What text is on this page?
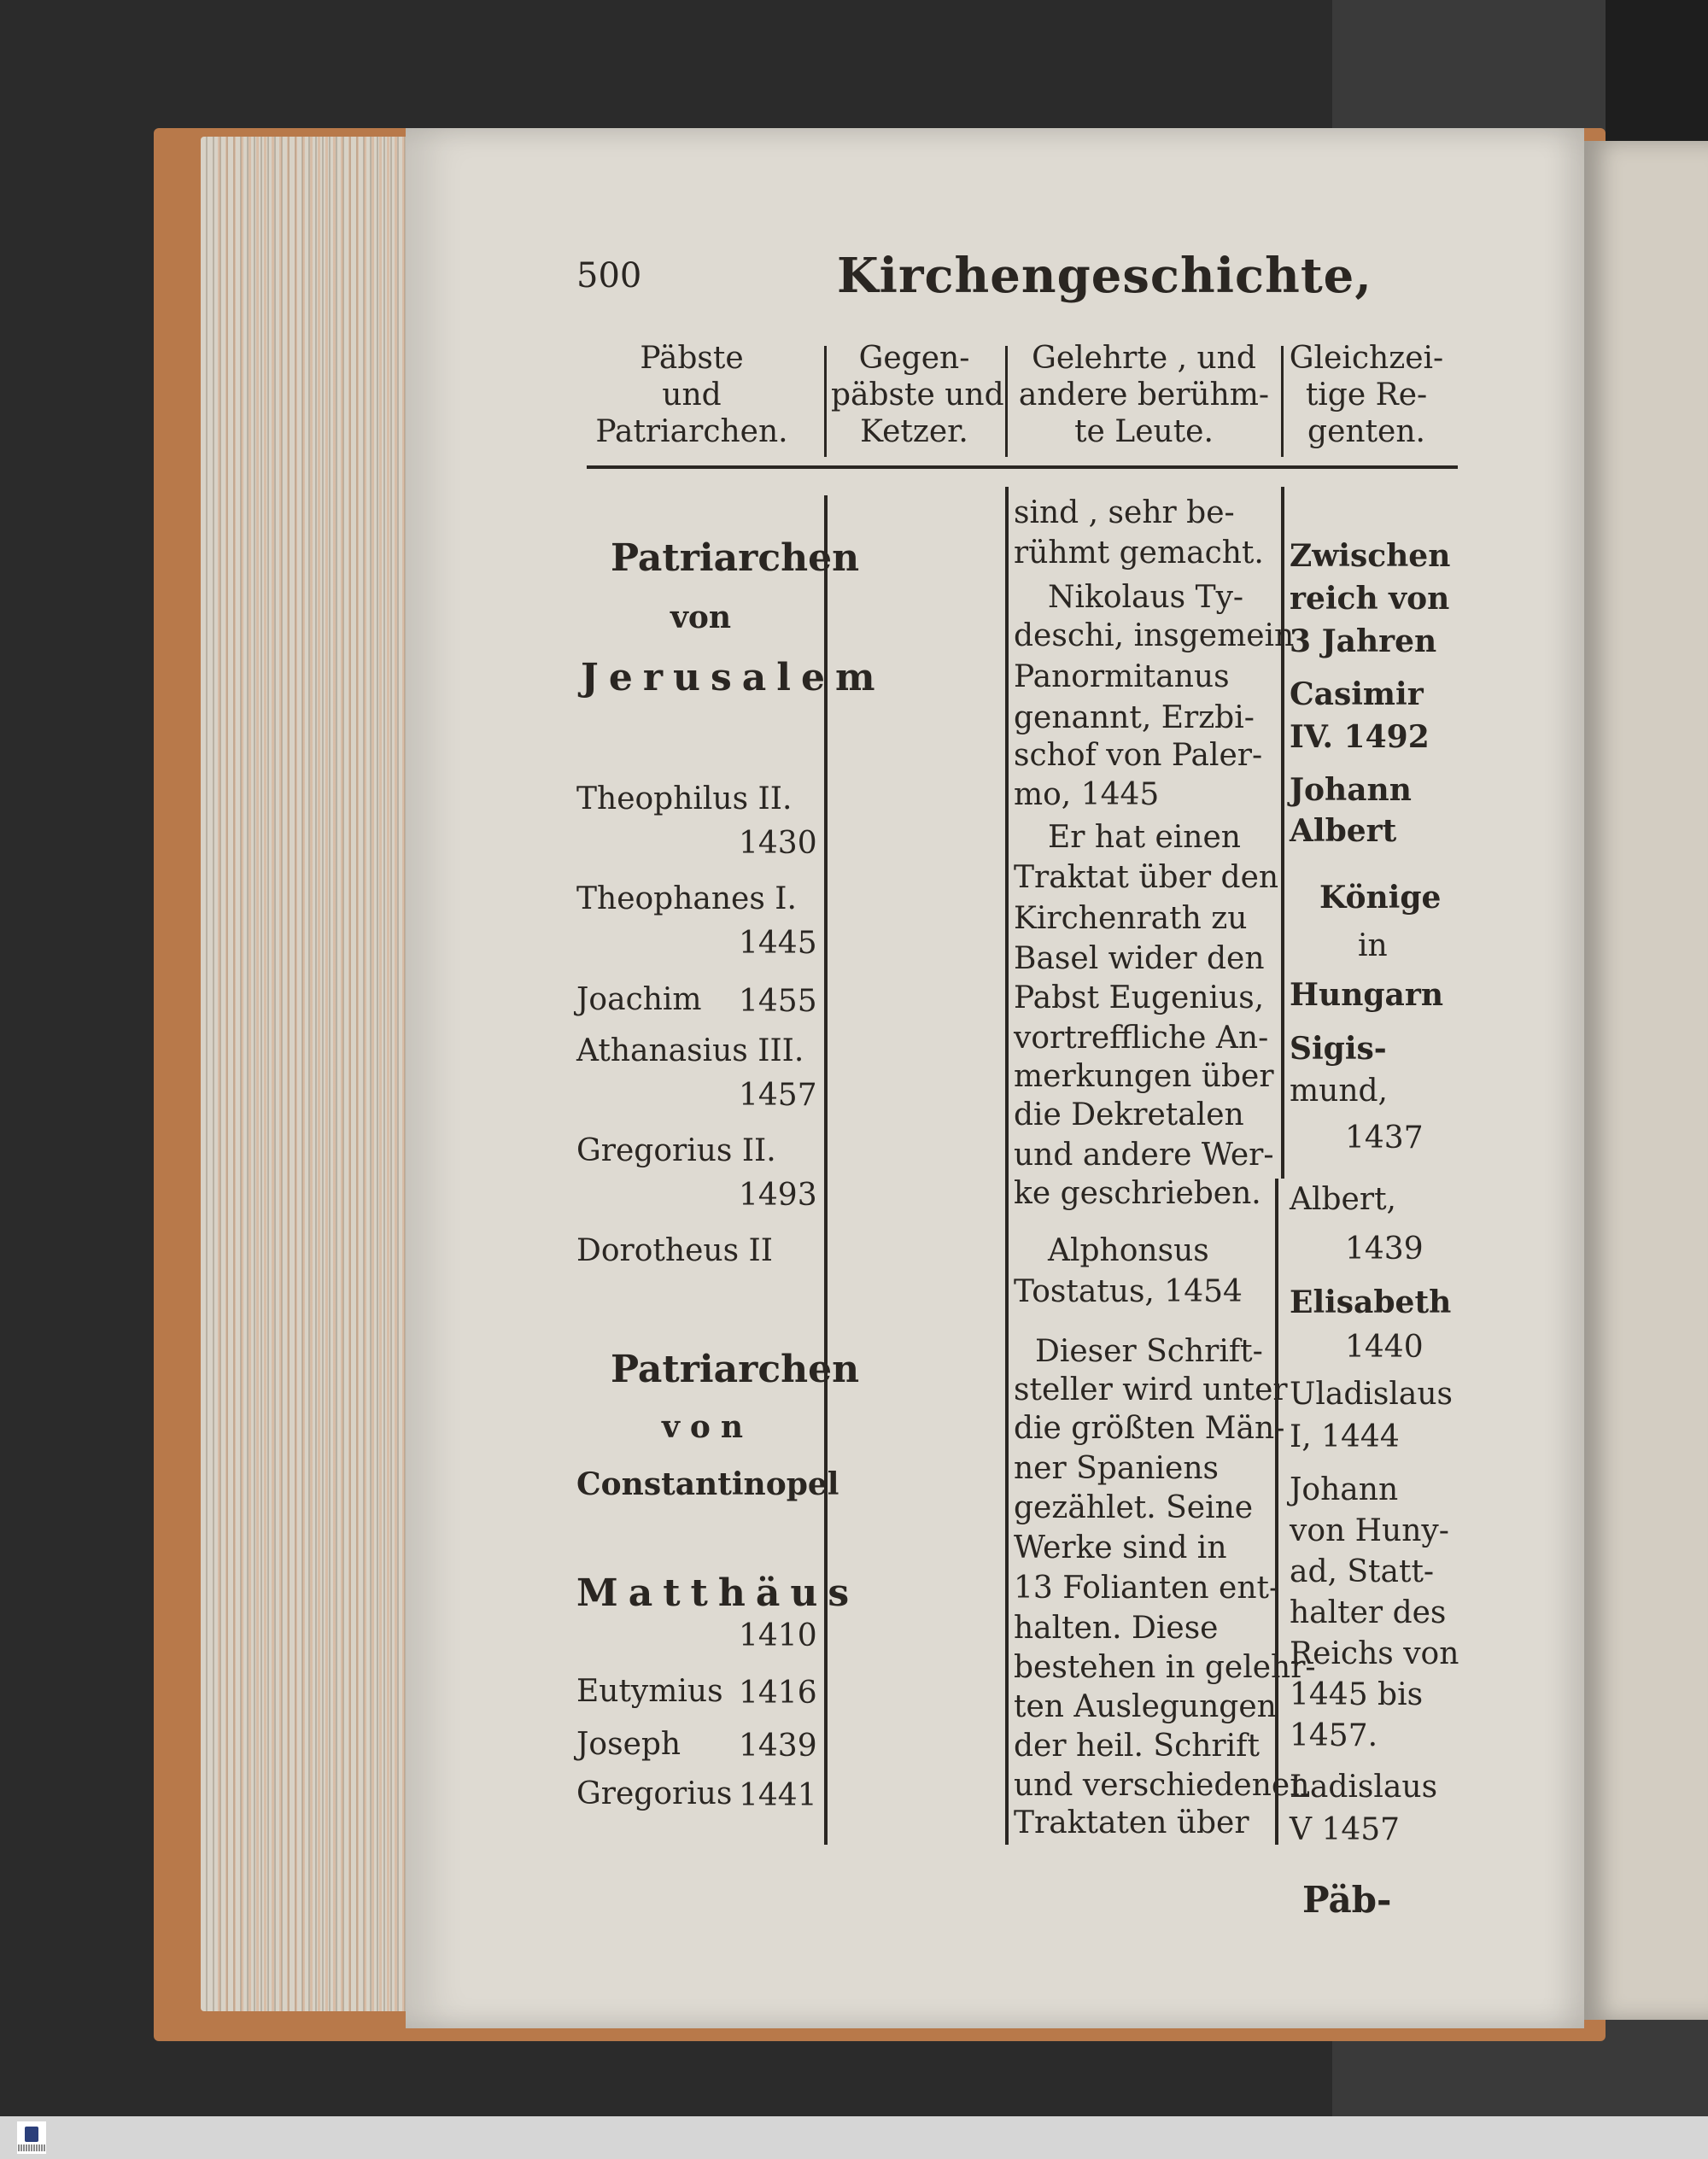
500	Kirchengeschichte,
Päbste
und
Patriarchen.
Gegen-
päbste und
Ketzer.
Gelehrte , und
andere berühm-
te Leute.
Gleichzei-
tige Re-
genten.
Patriarchen
von
Jerusalem
Theophilus II.
1430
Theophanes I.
1445
Joachim 1455
Athanasius III.
1457
Gregorius II.
1493
Dorotheus II
Patriarchen
von
Constantinopel
Matthäus
1410
Eutymius 1416
Joseph 1439
Gregorius 1441
sind , sehr be-
rühmt gemacht.
Nikolaus Ty-
deschi, insgemein
Panormitanus
genannt, Erzbi-
schof von Paler-
mo, 1445
Er hat einen
Traktat über den
Kirchenrath zu
Basel wider den
Pabst Eugenius,
vortreffliche An-
merkungen über
die Dekretalen
und andere Wer-
ke geschrieben.
Alphonsus
Tostatus, 1454
Dieser Schrift-
steller wird unter
die größten Män-
ner Spaniens
gezählet. Seine
Werke sind in
13 Folianten ent-
halten. Diese
bestehen in gelehr-
ten Auslegungen
der heil. Schrift
und verschiedenen
Traktaten über
Zwischen
reich von
3 Jahren
Casimir
IV. 1492
Johann
Albert
Könige
in
Hungarn
Sigis-
mund,
1437
Albert,
1439
Elisabeth
1440
Uladislaus
I, 1444
Johann
von Huny-
ad, Statt-
halter des
Reichs von
1445 bis
1457.
Ladislaus
V 1457
Päb-
